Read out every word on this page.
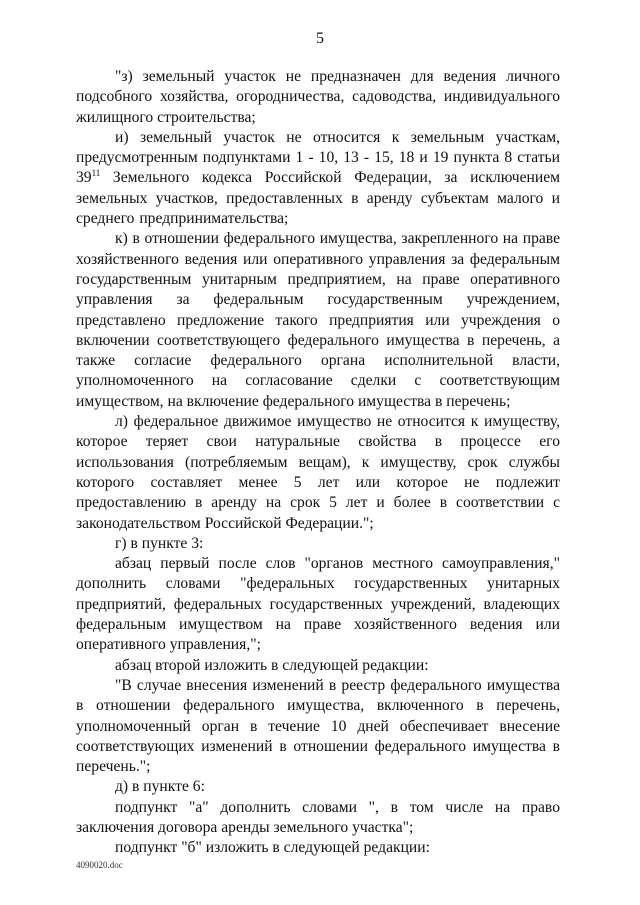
5

"з) земельный участок не предназначен для ведения личного подсобного хозяйства, огородничества, садоводства, индивидуального жилищного строительства;

и) земельный участок не относится к земельным участкам, предусмотренным подпунктами 1 - 10, 13 - 15, 18 и 19 пункта 8 статьи $39^{11}$ Земельного кодекса Российской Федерации, за исключением земельных участков, предоставленных в аренду субъектам малого и среднего предпринимательства;

к) в отношении федерального имущества, закрепленного на праве хозяйственного ведения или оперативного управления за федеральным государственным унитарным предприятием, на праве оперативного управления за федеральным государственным учреждением, представлено предложение такого предприятия или учреждения о включении соответствующего федерального имущества в перечень, а также согласие федерального органа исполнительной власти, уполномоченного на согласование сделки с соответствующим имуществом, на включение федерального имущества в перечень;

л) федеральное движимое имущество не относится к имуществу, которое теряет свои натуральные свойства в процессе его использования (потребляемым вещам), к имуществу, срок службы которого составляет менее 5 лет или которое не подлежит предоставлению в аренду на срок 5 лет и более в соответствии с законодательством Российской Федерации.";

г) в пункте 3:

абзац первый после слов "органов местного самоуправления," дополнить словами "федеральных государственных унитарных предприятий, федеральных государственных учреждений, владеющих федеральным имуществом на праве хозяйственного ведения или оперативного управления,";

абзац второй изложить в следующей редакции:

"В случае внесения изменений в реестр федерального имущества в отношении федерального имущества, включенного в перечень, уполномоченный орган в течение 10 дней обеспечивает внесение соответствующих изменений в отношении федерального имущества в перечень.";

д) в пункте 6:

подпункт "а" дополнить словами ", в том числе на право заключения договора аренды земельного участка";

подпункт "б" изложить в следующей редакции:

4090020.doc
